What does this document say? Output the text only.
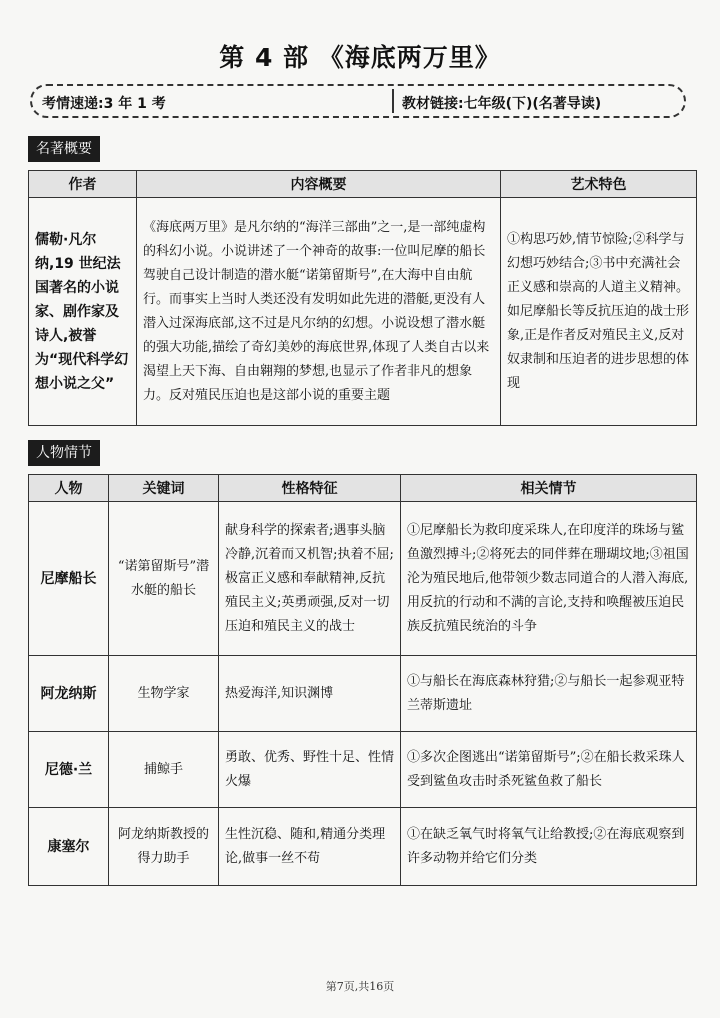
第 4 部 《海底两万里》
考情速递:3 年 1 考	教材链接:七年级(下)(名著导读)
名著概要
作者	内容概要	艺术特色
儒勒·凡尔纳,19 世纪法国著名的小说家、剧作家及诗人,被誉为“现代科学幻想小说之父”	《海底两万里》是凡尔纳的“海洋三部曲”之一,是一部纯虚构的科幻小说。小说讲述了一个神奇的故事:一位叫尼摩的船长驾驶自己设计制造的潜水艇“诺第留斯号”,在大海中自由航行。而事实上当时人类还没有发明如此先进的潜艇,更没有人潜入过深海底部,这不过是凡尔纳的幻想。小说设想了潜水艇的强大功能,描绘了奇幻美妙的海底世界,体现了人类自古以来渴望上天下海、自由翱翔的梦想,也显示了作者非凡的想象力。反对殖民压迫也是这部小说的重要主题	①构思巧妙,情节惊险;②科学与幻想巧妙结合;③书中充满社会正义感和崇高的人道主义精神。如尼摩船长等反抗压迫的战士形象,正是作者反对殖民主义,反对奴隶制和压迫者的进步思想的体现
人物情节
人物	关键词	性格特征	相关情节
尼摩船长	“诺第留斯号”潜水艇的船长	献身科学的探索者;遇事头脑冷静,沉着而又机智;执着不屈;极富正义感和奉献精神,反抗殖民主义;英勇顽强,反对一切压迫和殖民主义的战士	①尼摩船长为救印度采珠人,在印度洋的珠场与鲨鱼激烈搏斗;②将死去的同伴葬在珊瑚坟地;③祖国沦为殖民地后,他带领少数志同道合的人潜入海底,用反抗的行动和不满的言论,支持和唤醒被压迫民族反抗殖民统治的斗争
阿龙纳斯	生物学家	热爱海洋,知识渊博	①与船长在海底森林狩猎;②与船长一起参观亚特兰蒂斯遗址
尼德·兰	捕鲸手	勇敢、优秀、野性十足、性情火爆	①多次企图逃出“诺第留斯号”;②在船长救采珠人受到鲨鱼攻击时杀死鲨鱼救了船长
康塞尔	阿龙纳斯教授的得力助手	生性沉稳、随和,精通分类理论,做事一丝不苟	①在缺乏氧气时将氧气让给教授;②在海底观察到许多动物并给它们分类
第7页,共16页
